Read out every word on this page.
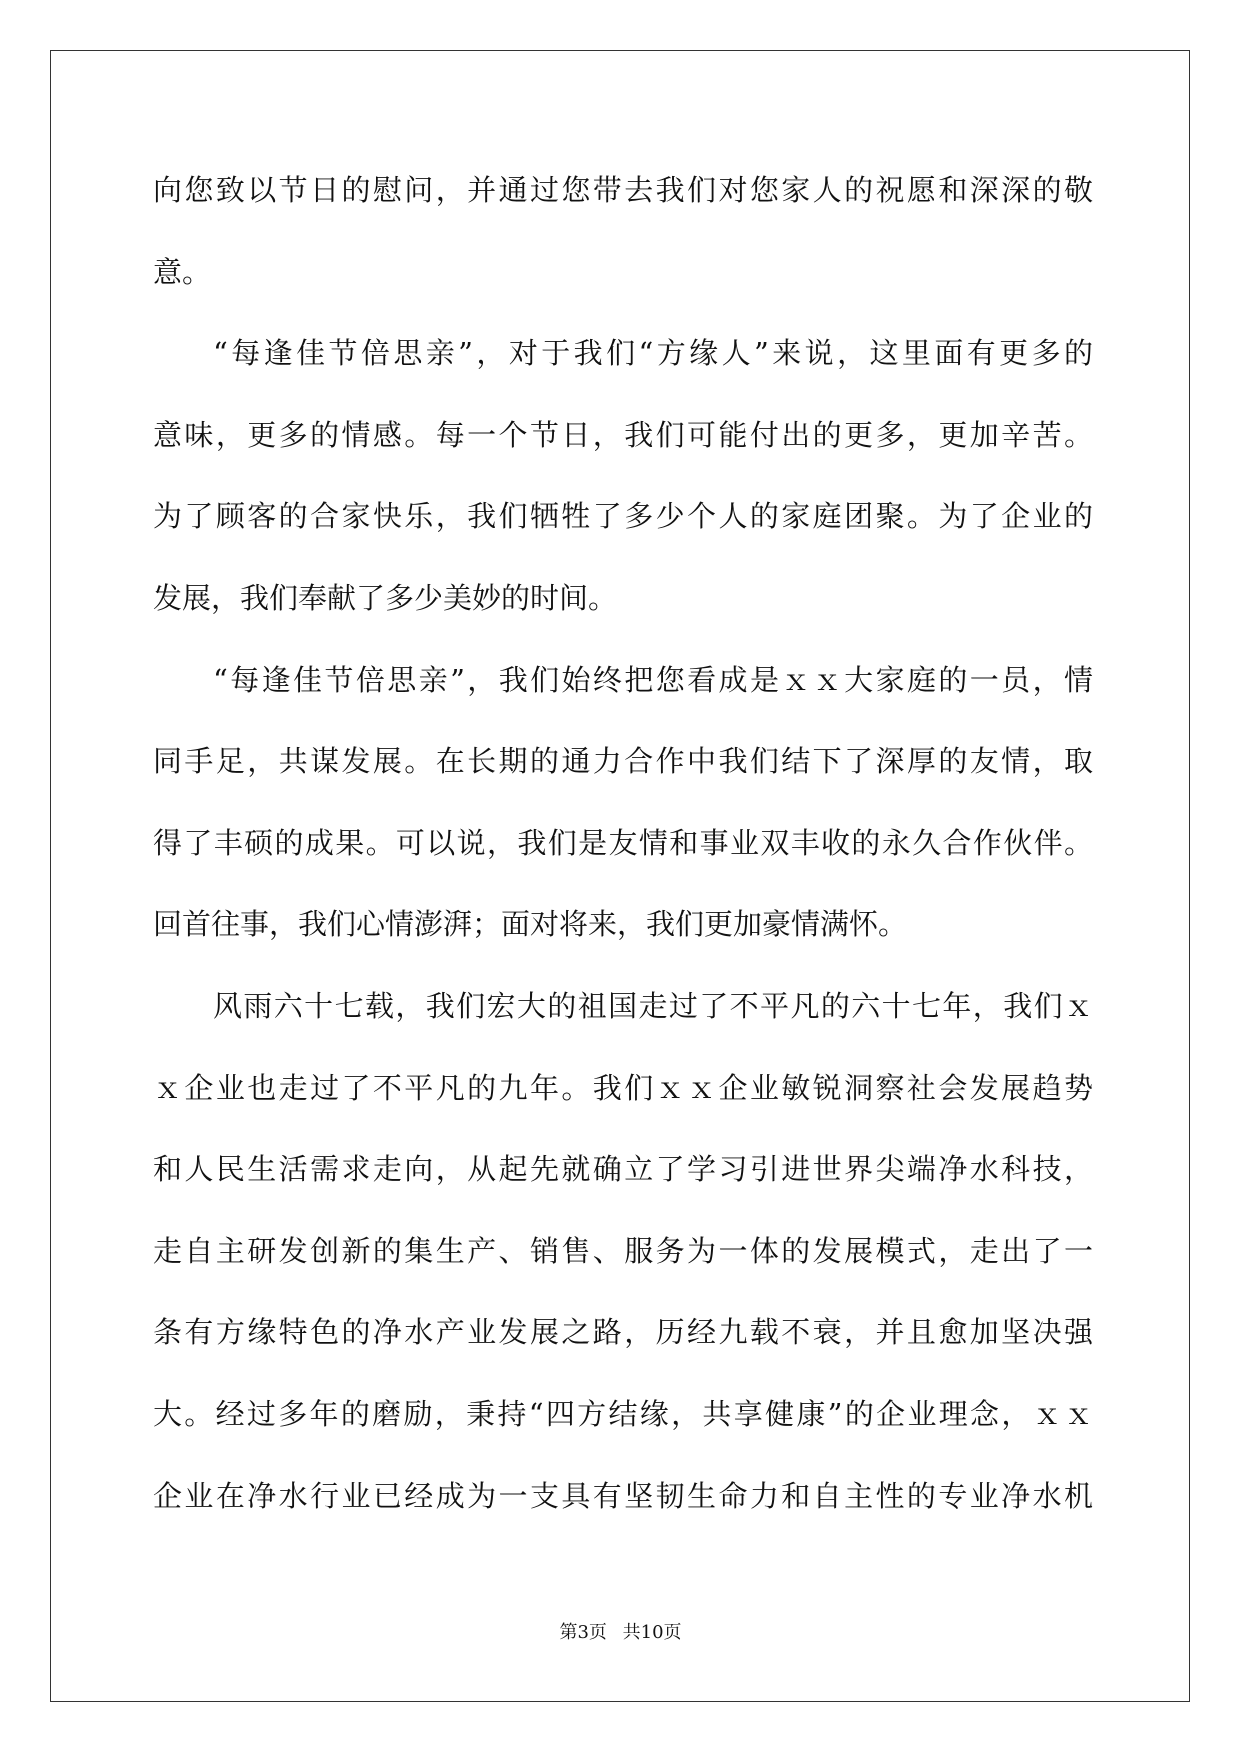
向您致以节日的慰问，并通过您带去我们对您家人的祝愿和深深的敬
意。
“每逢佳节倍思亲”，对于我们“方缘人”来说，这里面有更多的
意味，更多的情感。每一个节日，我们可能付出的更多，更加辛苦。
为了顾客的合家快乐，我们牺牲了多少个人的家庭团聚。为了企业的
发展，我们奉献了多少美妙的时间。
“每逢佳节倍思亲”，我们始终把您看成是ｘｘ大家庭的一员，情
同手足，共谋发展。在长期的通力合作中我们结下了深厚的友情，取
得了丰硕的成果。可以说，我们是友情和事业双丰收的永久合作伙伴。
回首往事，我们心情澎湃；面对将来，我们更加豪情满怀。
风雨六十七载，我们宏大的祖国走过了不平凡的六十七年，我们ｘ
ｘ企业也走过了不平凡的九年。我们ｘｘ企业敏锐洞察社会发展趋势
和人民生活需求走向，从起先就确立了学习引进世界尖端净水科技，
走自主研发创新的集生产、销售、服务为一体的发展模式，走出了一
条有方缘特色的净水产业发展之路，历经九载不衰，并且愈加坚决强
大。经过多年的磨励，秉持“四方结缘，共享健康”的企业理念，ｘｘ
企业在净水行业已经成为一支具有坚韧生命力和自主性的专业净水机
第3页 共10页
